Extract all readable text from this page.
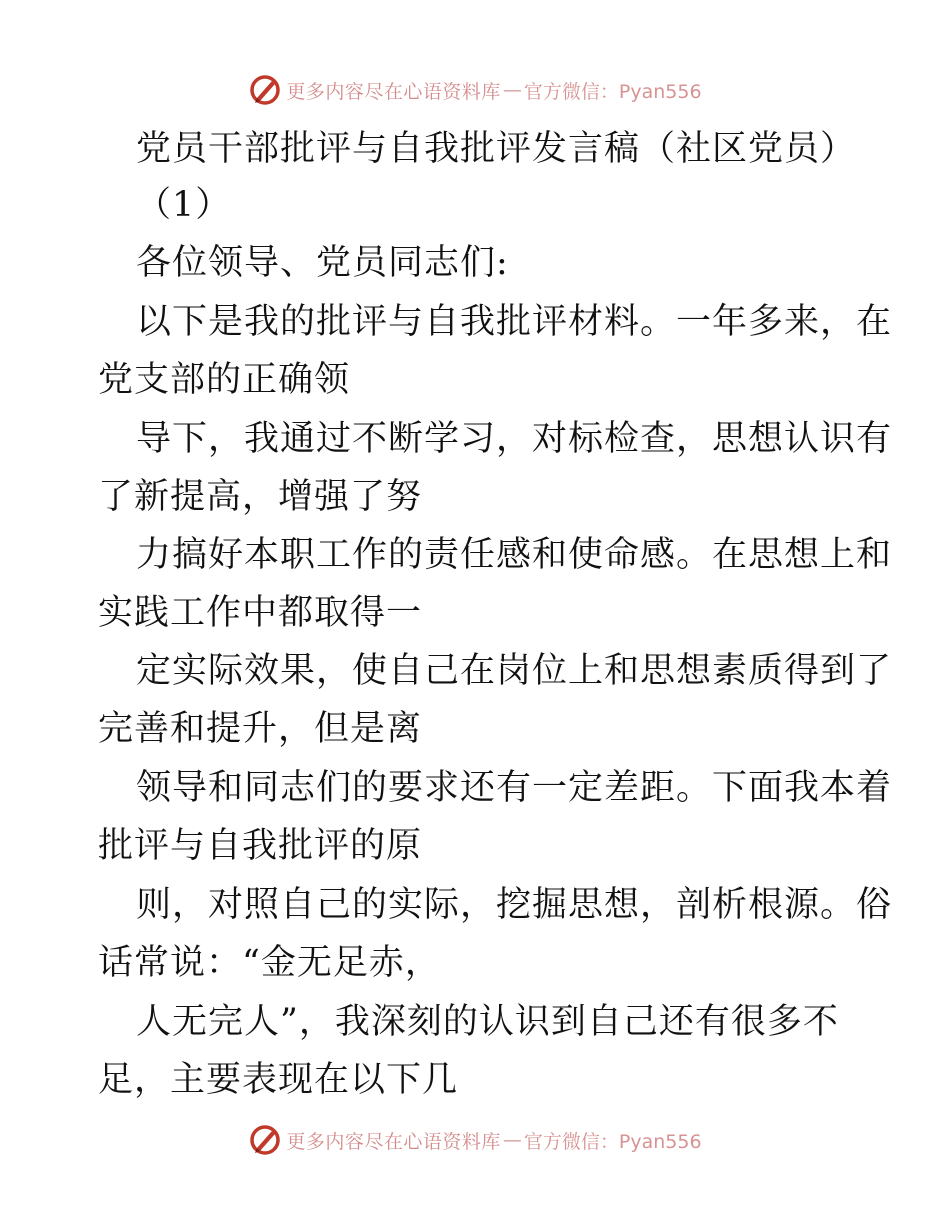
更多内容尽在心语资料库 — 官方微信：Pyan556
党员干部批评与自我批评发言稿（社区党员）
（1）
各位领导、党员同志们:
以下是我的批评与自我批评材料。一年多来，在
党支部的正确领
导下，我通过不断学习，对标检查，思想认识有
了新提高，增强了努
力搞好本职工作的责任感和使命感。在思想上和
实践工作中都取得一
定实际效果，使自己在岗位上和思想素质得到了
完善和提升，但是离
领导和同志们的要求还有一定差距。下面我本着
批评与自我批评的原
则，对照自己的实际，挖掘思想，剖析根源。俗
话常说：“金无足赤，
人无完人”，我深刻的认识到自己还有很多不
足，主要表现在以下几
更多内容尽在心语资料库 — 官方微信：Pyan556
